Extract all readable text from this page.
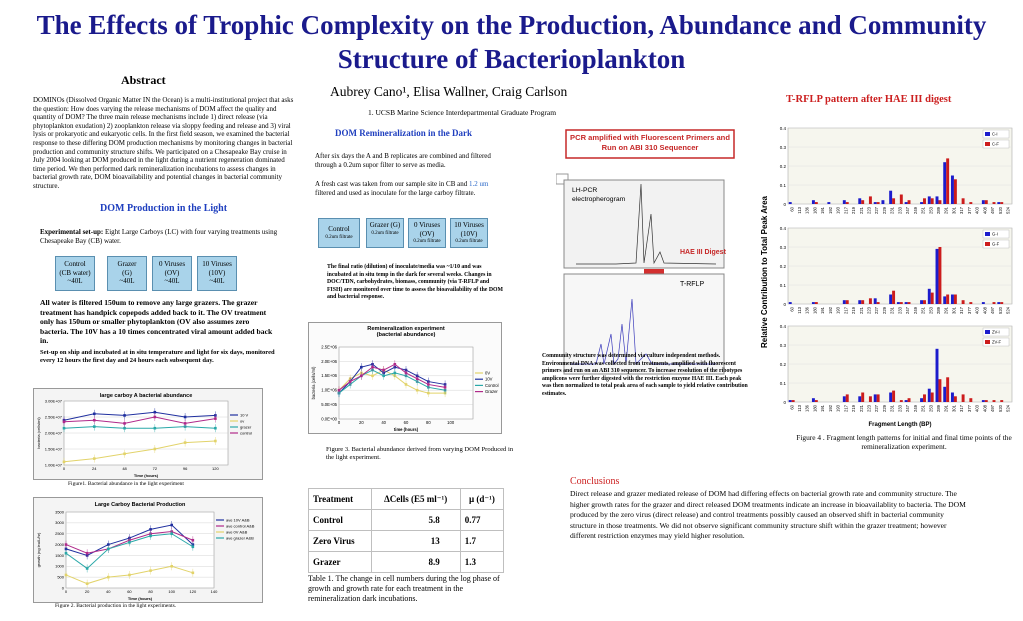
The Effects of Trophic Complexity on the Production, Abundance and Community Structure of Bacterioplankton
Abstract
DOMINOs (Dissolved Organic Matter IN the Ocean) is a multi-institutional project that asks the question: How does varying the release mechanisms of DOM affect the quality and quantity of DOM? The three main release mechanisms include 1) direct release (via phytoplankton exudation) 2) zooplankton release via sloppy feeding and release and 3) viral lysis or prokaryotic and eukaryotic cells. In the first field season, we examined the bacterial response to these differing DOM production mechanisms by monitoring changes in bacterial production and community structure shifts. We participated on a Chesapeake Bay cruise in July 2004 looking at DOM produced in the light during a nutrient regeneration dominated time period. We then performed dark remineralization incubations to assess changes in bacterial growth rate, DOM bioavailability and potential changes in bacterial community structure.
Aubrey Cano¹, Elisa Wallner, Craig Carlson
1. UCSB Marine Science Interdepartmental Graduate Program
DOM Production in the Light
Experimental set-up: Eight Large Carboys (LC) with four varying treatments using Chesapeake Bay (CB) water.
Control
(CB water)
~40L
Grazer
(G)
~40L
0 Viruses
(OV)
~40L
10 Viruses
(10V)
~40L
All water is filtered 150um to remove any large grazers. The grazer treatment has handpick copepods added back to it. The OV treatment only has 150um or smaller phytoplankton (OV also assumes zero bacteria. The 10V has a 10 times concentrated viral amount added back in.
Set-up on ship and incubated at in situ temperature and light for six days, monitored every 12 hours the first day and 24 hours each subsequent day.
large carboy A bacterial abundance
3.00E+07
2.50E+07
2.00E+07
1.50E+07
1.00E+07
0	24	48	72	96	120
Time (hours)
bacteria (cells/ml)
10 V
ov
grazer
control
Figure1. Bacterial abundance in the light experiment
Large Carboy Bacterial Production
3500
3000
2500
2000
1500
1000
500
0
0	20	40	60	80	100	120	140
Time (hours)
growth (ng leu/L/hr)
ave 10V A&B
ave control A&B
ave 0V A&B
ave grazer A&B
Figure 2. Bacterial production in the light experiments.
DOM Remineralization in the Dark
After six days the A and B replicates are combined and filtered through a 0.2um supor filter to serve as media.
A fresh cast was taken from our sample site in CB and 1.2 um filtered and used as inoculate for the large carboy filtrate.
Control
0.2um filtrate
Grazer (G)
0.2um filtrate
0 Viruses (OV)
0.2um filtrate
10 Viruses (10V)
0.2um filtrate
The final ratio (dilution) of inoculate/media was ~1/10 and was incubated at in situ temp in the dark for several weeks. Changes in DOC/TDN, carbohydrates, biomass, community (via T-RFLP and FISH) are monitored over time to assess the bioavailability of the DOM and bacterial response.
Remineralization experiment
(bacterial abundance)
2.5E+06
2.0E+06
1.5E+06
1.0E+06
5.0E+05
0.0E+00
0	20	40	60	80	100
time (hours)
bacteria (cells/ml)	0V
10V
Control
Grazer
Figure 3. Bacterial abundance derived from varying DOM Produced in the light experiment.
Treatment	ΔCells (E5 ml⁻¹)	µ (d⁻¹)
Control	5.8	0.77
Zero Virus	13	1.7
Grazer	8.9	1.3
Table 1. The change in cell numbers during the log phase of growth and growth rate for each treatment in the remineralization dark incubations.
PCR amplified with Fluorescent Primers and Run on ABI 310 Sequencer
LH-PCR electropherogram
HAE III Digest
T-RFLP
Community structure was determined via culture independent methods. Environmental DNA was collected from treatments, amplified with fluorescent primers and run on an ABI 310 sequencer. To increase resolution of the ribotypes amplicons were further digested with the restriction enzyme HAE III. Each peak was then normalized to total peak area of each sample to yield relative contribution estimates.
T-RFLP pattern after HAE III digest
Relative Contribution to Total Peak Area
Fragment Length (BP)
0.4
0.3
0.2
0.1
0
C-I
C-F
60 113 136 180 191 192 193 217 219 221 223 227 229 231 233 247 249 251 253 289 291 301 317 377 403 408 497 520 524
0.4
0.3
0.2
0.1
0
G-I
G-F
60 113 136 180 191 192 193 217 219 221 223 227 229 231 233 247 249 251 253 289 291 301 317 377 403 408 497 520 524
0.4
0.3
0.2
0.1
0
ZV-I
ZV-F
60 113 136 180 191 192 193 217 219 221 223 227 229 231 233 247 249 251 253 289 291 301 317 377 403 408 497 520 524
Figure 4 . Fragment length patterns for initial and final time points of the remineralization experiment.
Conclusions
Direct release and grazer mediated release of DOM had differing effects on bacterial growth rate and community structure. The higher growth rates for the grazer and direct released DOM treatments indicate an increase in bioavailablity to bacteria. The DOM produced by the zero virus (direct release) and control treatments possibly caused an observed shift in bacterial community structure in those treatments. We did not observe significant community structure shift within the grazer treatment; however different restriction enzymes may yield higher resolution.
